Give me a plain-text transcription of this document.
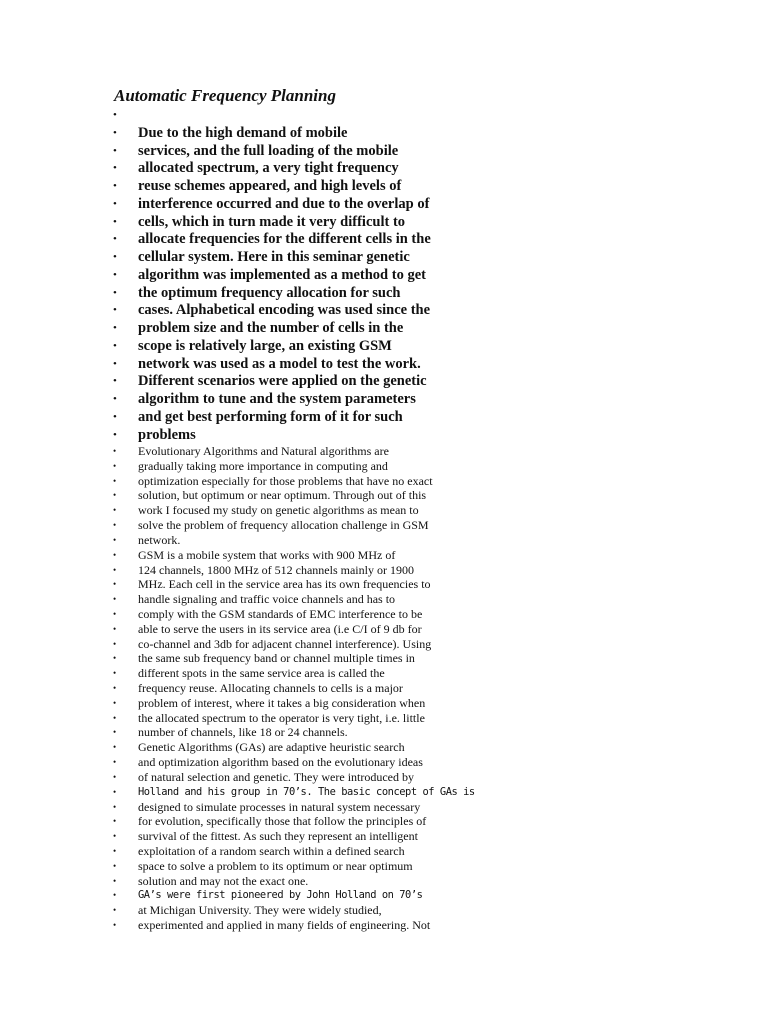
Automatic Frequency Planning
•
• Due to the high demand of mobile
• services, and the full loading of the mobile
• allocated spectrum, a very tight frequency
• reuse schemes appeared, and high levels of
• interference occurred and due to the overlap of
• cells, which in turn made it very difficult to
• allocate frequencies for the different cells in the
• cellular system. Here in this seminar genetic
• algorithm was implemented as a method to get
• the optimum frequency allocation for such
• cases. Alphabetical encoding was used since the
• problem size and the number of cells in the
• scope is relatively large, an existing GSM
• network was used as a model to test the work.
• Different scenarios were applied on the genetic
• algorithm to tune and the system parameters
• and get best performing form of it for such
• problems
• Evolutionary Algorithms and Natural algorithms are
• gradually taking more importance in computing and
• optimization especially for those problems that have no exact
• solution, but optimum or near optimum. Through out of this
• work I focused my study on genetic algorithms as mean to
• solve the problem of frequency allocation challenge in GSM
• network.
• GSM is a mobile system that works with 900 MHz of
• 124 channels, 1800 MHz of 512 channels mainly or 1900
• MHz. Each cell in the service area has its own frequencies to
• handle signaling and traffic voice channels and has to
• comply with the GSM standards of EMC interference to be
• able to serve the users in its service area (i.e C/I of 9 db for
• co-channel and 3db for adjacent channel interference). Using
• the same sub frequency band or channel multiple times in
• different spots in the same service area is called the
• frequency reuse. Allocating channels to cells is a major
• problem of interest, where it takes a big consideration when
• the allocated spectrum to the operator is very tight, i.e. little
• number of channels, like 18 or 24 channels.
• Genetic Algorithms (GAs) are adaptive heuristic search
• and optimization algorithm based on the evolutionary ideas
• of natural selection and genetic. They were introduced by
• Holland and his group in 70’s. The basic concept of GAs is
• designed to simulate processes in natural system necessary
• for evolution, specifically those that follow the principles of
• survival of the fittest. As such they represent an intelligent
• exploitation of a random search within a defined search
• space to solve a problem to its optimum or near optimum
• solution and may not the exact one.
• GA’s were first pioneered by John Holland on 70’s
• at Michigan University. They were widely studied,
• experimented and applied in many fields of engineering. Not
